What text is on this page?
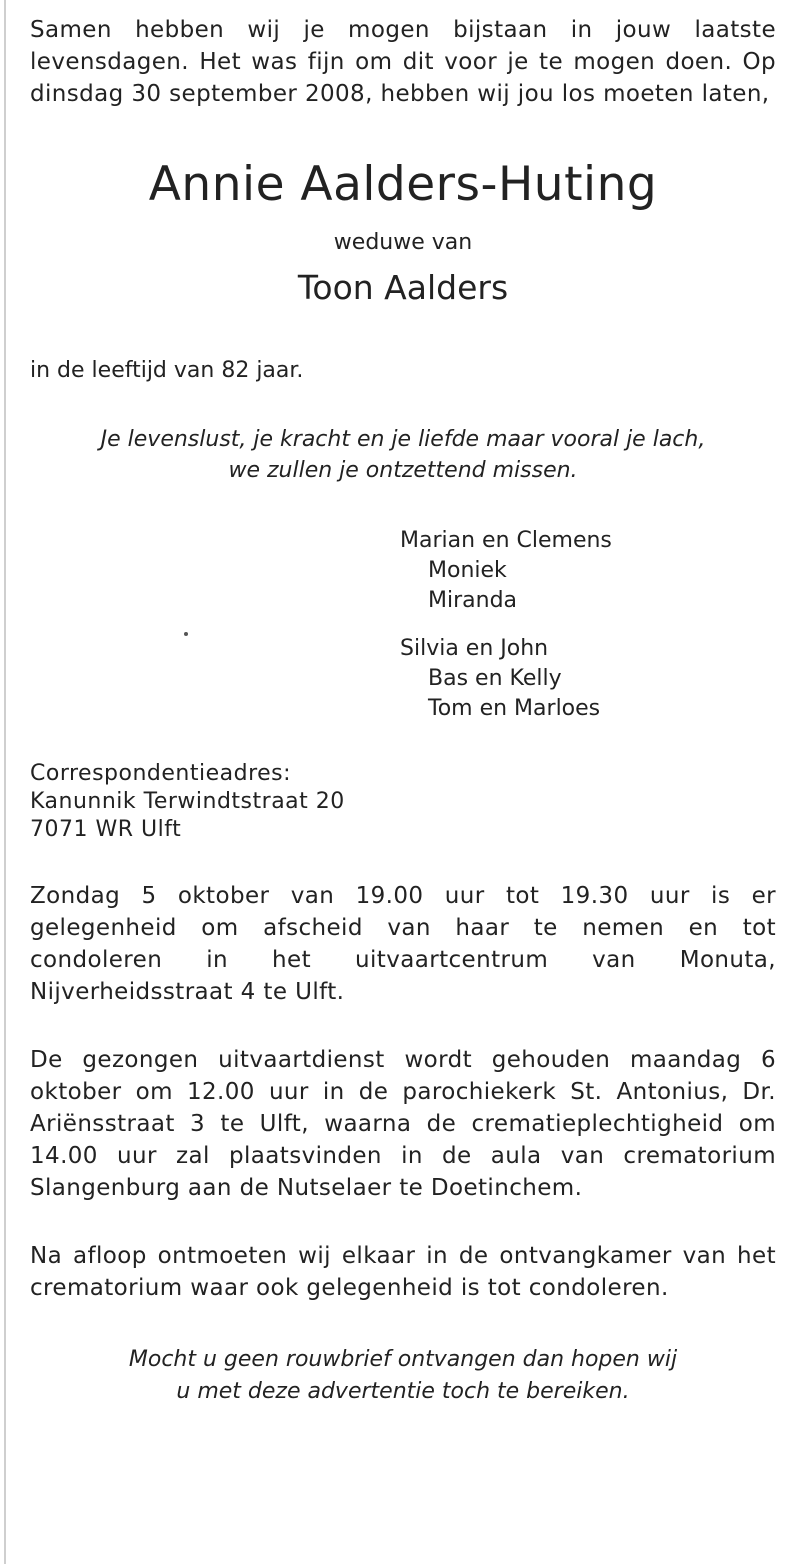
Samen hebben wij je mogen bijstaan in jouw laatste levensdagen. Het was fijn om dit voor je te mogen doen. Op dinsdag 30 september 2008, hebben wij jou los moeten laten,

Annie Aalders-Huting
weduwe van
Toon Aalders
in de leeftijd van 82 jaar.
Je levenslust, je kracht en je liefde maar vooral je lach,
we zullen je ontzettend missen.
Marian en Clemens
Moniek
Miranda
Silvia en John
Bas en Kelly
Tom en Marloes
Correspondentieadres:
Kanunnik Terwindtstraat 20
7071 WR Ulft

Zondag 5 oktober van 19.00 uur tot 19.30 uur is er gelegenheid om afscheid van haar te nemen en tot condoleren in het uitvaartcentrum van Monuta, Nijverheidsstraat 4 te Ulft.

De gezongen uitvaartdienst wordt gehouden maandag 6 oktober om 12.00 uur in de parochiekerk St. Antonius, Dr. Ariënsstraat 3 te Ulft, waarna de crematieplechtigheid om 14.00 uur zal plaatsvinden in de aula van crematorium Slangenburg aan de Nutselaer te Doetinchem.

Na afloop ontmoeten wij elkaar in de ontvangkamer van het crematorium waar ook gelegenheid is tot condoleren.

Mocht u geen rouwbrief ontvangen dan hopen wij
u met deze advertentie toch te bereiken.
